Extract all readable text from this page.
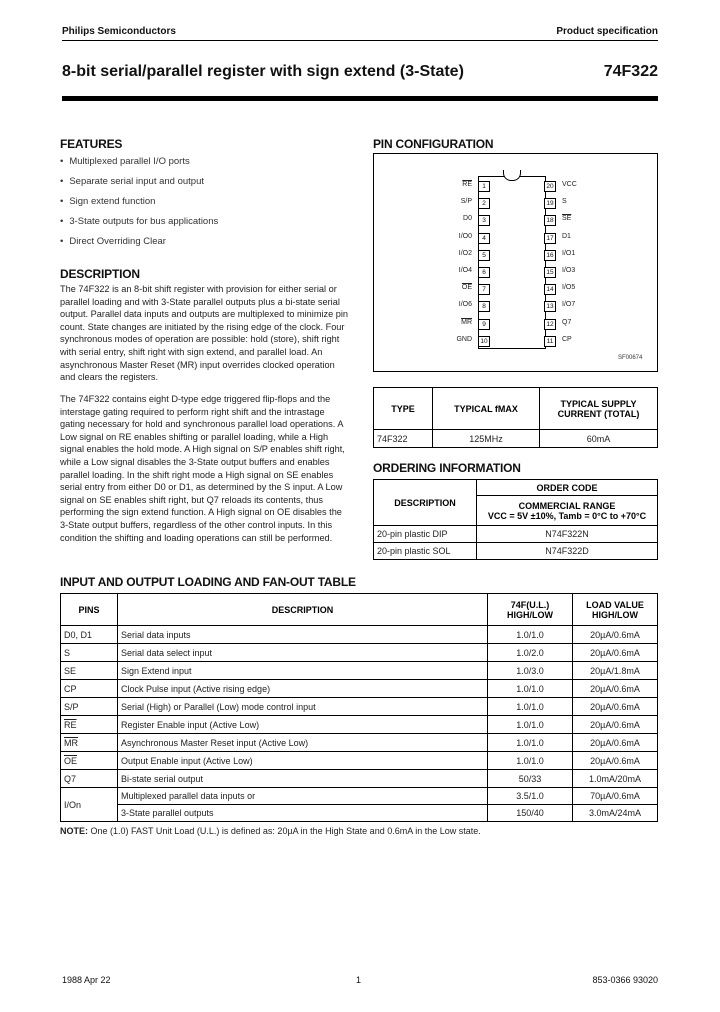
Philips Semiconductors	Product specification
8-bit serial/parallel register with sign extend (3-State)	74F322
FEATURES
• Multiplexed parallel I/O ports
• Separate serial input and output
• Sign extend function
• 3-State outputs for bus applications
• Direct Overriding Clear
DESCRIPTION

The 74F322 is an 8-bit shift register with provision for either serial or parallel loading and with 3-State parallel outputs plus a bi-state serial output. Parallel data inputs and outputs are multiplexed to minimize pin count. State changes are initiated by the rising edge of the clock. Four synchronous modes of operation are possible: hold (store), shift right with serial entry, shift right with sign extend, and parallel load. An asynchronous Master Reset (MR) input overrides clocked operation and clears the registers.

The 74F322 contains eight D-type edge triggered flip-flops and the interstage gating required to perform right shift and the intrastage gating necessary for hold and synchronous parallel load operations. A Low signal on RE enables shifting or parallel loading, while a High signal enables the hold mode. A High signal on S/P enables shift right, while a Low signal disables the 3-State output buffers and enables parallel loading. In the shift right mode a High signal on SE enables serial entry from either D0 or D1, as determined by the S input. A Low signal on SE enables shift right, but Q7 reloads its contents, thus performing the sign extend function. A High signal on OE disables the 3-State output buffers, regardless of the other control inputs. In this condition the shifting and loading operations can still be performed.

PIN CONFIGURATION
$\overline{RE}$	1
S/P	2
D0	3
I/O0	4
I/O2	5
I/O4	6
$\overline{OE}$	7
I/O6	8
$\overline{MR}$	9
GND	10
20	VCC
19	S
18	$\overline{SE}$
17	D1
16	I/O1
15	I/O3
14	I/O5
13	I/O7
12	Q7
11	CP
SF00674
TYPE	TYPICAL fMAX	TYPICAL SUPPLY CURRENT (TOTAL)
74F322	125MHz	60mA
ORDERING INFORMATION
DESCRIPTION	ORDER CODE

	COMMERCIAL RANGE
VCC = 5V ±10%, Tamb = 0°C to +70°C

20-pin plastic DIP	N74F322N
20-pin plastic SOL	N74F322D
INPUT AND OUTPUT LOADING AND FAN-OUT TABLE
PINS	DESCRIPTION	74F(U.L.) HIGH/LOW	LOAD VALUE HIGH/LOW
D0, D1	Serial data inputs	1.0/1.0	20µA/0.6mA
S	Serial data select input	1.0/2.0	20µA/0.6mA
SE	Sign Extend input	1.0/3.0	20µA/1.8mA
CP	Clock Pulse input (Active rising edge)	1.0/1.0	20µA/0.6mA
S/P	Serial (High) or Parallel (Low) mode control input	1.0/1.0	20µA/0.6mA
$\overline{RE}$	Register Enable input (Active Low)	1.0/1.0	20µA/0.6mA
$\overline{MR}$	Asynchronous Master Reset input (Active Low)	1.0/1.0	20µA/0.6mA
$\overline{OE}$	Output Enable input (Active Low)	1.0/1.0	20µA/0.6mA
Q7	Bi-state serial output	50/33	1.0mA/20mA
I/On	Multiplexed parallel data inputs or	3.5/1.0	70µA/0.6mA
	3-State parallel outputs	150/40	3.0mA/24mA
NOTE: One (1.0) FAST Unit Load (U.L.) is defined as: 20µA in the High State and 0.6mA in the Low state.
1988 Apr 22	1	853-0366 93020
